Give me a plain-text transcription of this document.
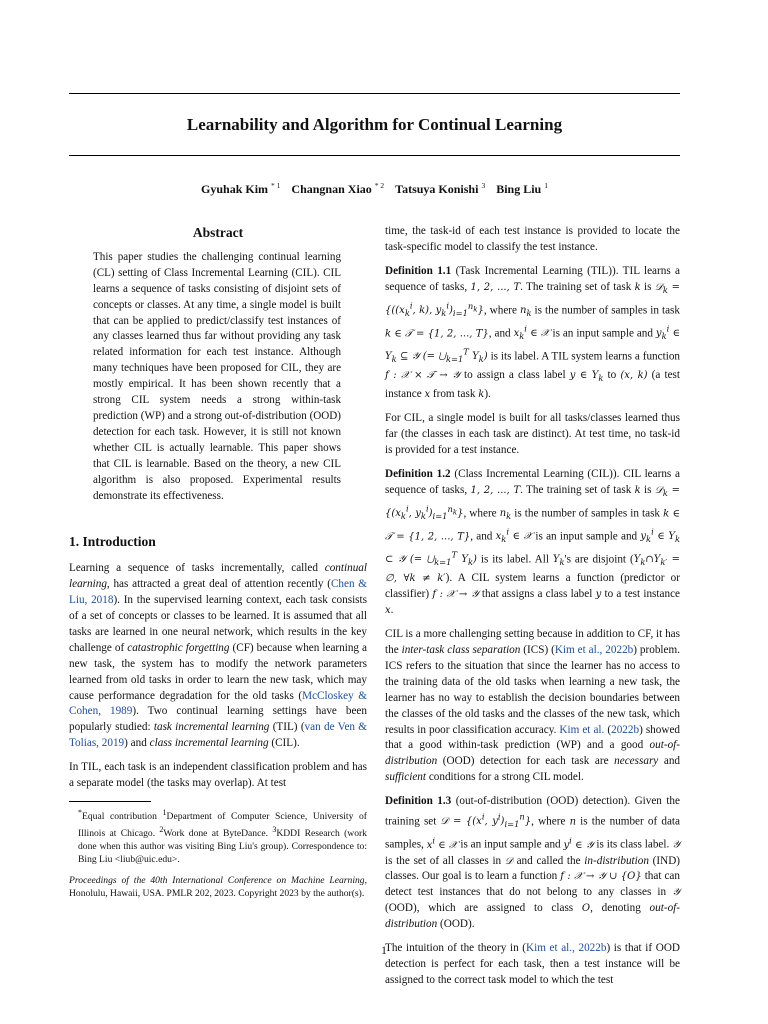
Learnability and Algorithm for Continual Learning
Gyuhak Kim $^{* 1}$ Changnan Xiao $^{* 2}$ Tatsuya Konishi $^3$ Bing Liu $^1$
Abstract

This paper studies the challenging continual learning (CL) setting of Class Incremental Learning (CIL). CIL learns a sequence of tasks consisting of disjoint sets of concepts or classes. At any time, a single model is built that can be applied to predict/classify test instances of any classes learned thus far without providing any task related information for each test instance. Although many techniques have been proposed for CIL, they are mostly empirical. It has been shown recently that a strong CIL system needs a strong within-task prediction (WP) and a strong out-of-distribution (OOD) detection for each task. However, it is still not known whether CIL is actually learnable. This paper shows that CIL is learnable. Based on the theory, a new CIL algorithm is also proposed. Experimental results demonstrate its effectiveness.

1. Introduction

Learning a sequence of tasks incrementally, called continual learning, has attracted a great deal of attention recently (Chen & Liu, 2018). In the supervised learning context, each task consists of a set of concepts or classes to be learned. It is assumed that all tasks are learned in one neural network, which results in the key challenge of catastrophic forgetting (CF) because when learning a new task, the system has to modify the network parameters learned from old tasks in order to learn the new task, which may cause performance degradation for the old tasks (McCloskey & Cohen, 1989). Two continual learning settings have been popularly studied: task incremental learning (TIL) (van de Ven & Tolias, 2019) and class incremental learning (CIL).

In TIL, each task is an independent classification problem and has a separate model (the tasks may overlap). At test

*Equal contribution $^1$Department of Computer Science, University of Illinois at Chicago. $^2$Work done at ByteDance. $^3$KDDI Research (work done when this author was visiting Bing Liu's group). Correspondence to: Bing Liu <liub@uic.edu>.

Proceedings of the 40th International Conference on Machine Learning, Honolulu, Hawaii, USA. PMLR 202, 2023. Copyright 2023 by the author(s).

time, the task-id of each test instance is provided to locate the task-specific model to classify the test instance.

Definition 1.1 (Task Incremental Learning (TIL)). TIL learns a sequence of tasks, 1, 2, ..., T. The training set of task k is 𝒟$_k$ = {(($x_k^i$, k), $y_k^i)_{i=1}^{n_k}$}, where $n_k$ is the number of samples in task k ∈ 𝒯 = {1, 2, ..., T}, and $x_k^i$ ∈ 𝒳 is an input sample and $y_k^i$ ∈ $Y_k$ ⊆ 𝒴 (= $⋃_{k=1}^T$ $Y_k$) is its label. A TIL system learns a function f : 𝒳 × 𝒯 → 𝒴 to assign a class label y ∈ $Y_k$ to (x, k) (a test instance x from task k).

For CIL, a single model is built for all tasks/classes learned thus far (the classes in each task are distinct). At test time, no task-id is provided for a test instance.

Definition 1.2 (Class Incremental Learning (CIL)). CIL learns a sequence of tasks, 1, 2, ..., T. The training set of task k is 𝒟$_k$ = {($x_k^i$, $y_k^i)_{i=1}^{n_k}$}, where $n_k$ is the number of samples in task k ∈ 𝒯 = {1, 2, ..., T}, and $x_k^i$ ∈ 𝒳 is an input sample and $y_k^i$ ∈ $Y_k$ ⊂ 𝒴 (= $⋃_{k=1}^T$ $Y_k$) is its label. All $Y_k's$ are disjoint ($Y_k\cap Y_{k'}$ = ∅, ∀k ≠ k′). A CIL system learns a function (predictor or classifier) f : 𝒳 → 𝒴 that assigns a class label y to a test instance x.

CIL is a more challenging setting because in addition to CF, it has the inter-task class separation (ICS) (Kim et al., 2022b) problem. ICS refers to the situation that since the learner has no access to the training data of the old tasks when learning a new task, the learner has no way to establish the decision boundaries between the classes of the old tasks and the classes of the new task, which results in poor classification accuracy. Kim et al. (2022b) showed that a good within-task prediction (WP) and a good out-of-distribution (OOD) detection for each task are necessary and sufficient conditions for a strong CIL model.

Definition 1.3 (out-of-distribution (OOD) detection). Given the training set 𝒟 = {($x^i$, $y^i)_{i=1}^n$}, where n is the number of data samples, $x^i$ ∈ 𝒳 is an input sample and $y^i$ ∈ 𝒴 is its class label. 𝒴 is the set of all classes in 𝒟 and called the in-distribution (IND) classes. Our goal is to learn a function f : 𝒳 → 𝒴 ∪ {O} that can detect test instances that do not belong to any classes in 𝒴 (OOD), which are assigned to class O, denoting out-of-distribution (OOD).

The intuition of the theory in (Kim et al., 2022b) is that if OOD detection is perfect for each task, then a test instance will be assigned to the correct task model to which the test

1
